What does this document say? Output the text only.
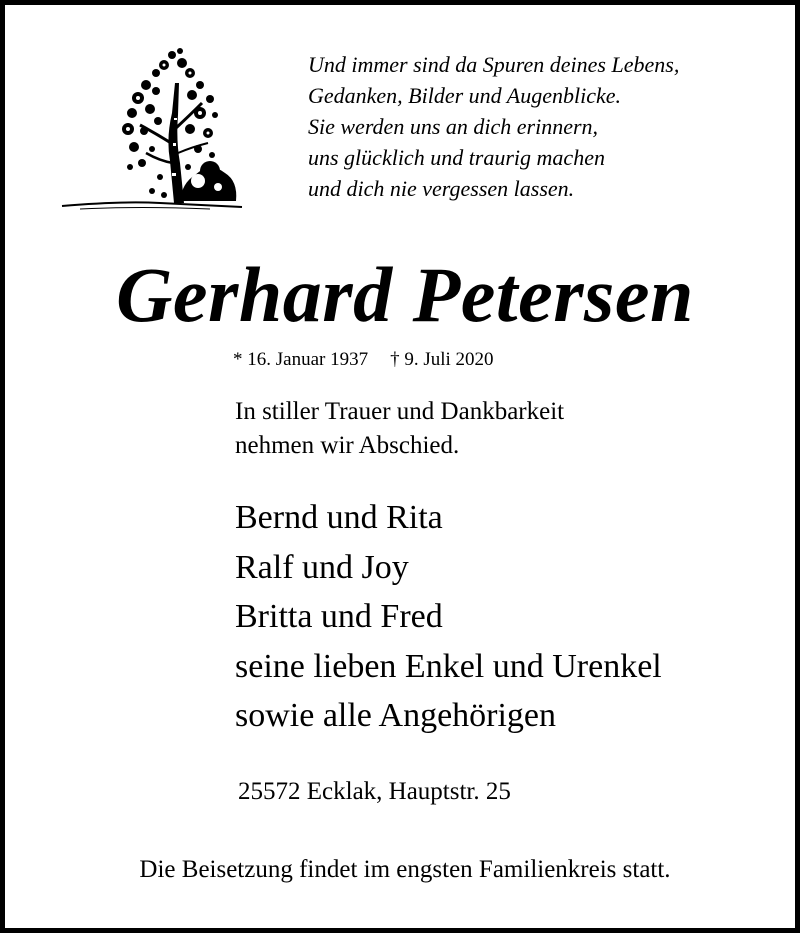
Und immer sind da Spuren deines Lebens,
Gedanken, Bilder und Augenblicke.
Sie werden uns an dich erinnern,
uns glücklich und traurig machen
und dich nie vergessen lassen.
Gerhard Petersen
* 16. Januar 1937 † 9. Juli 2020
In stiller Trauer und Dankbarkeit
nehmen wir Abschied.
Bernd und Rita
Ralf und Joy
Britta und Fred
seine lieben Enkel und Urenkel
sowie alle Angehörigen
25572 Ecklak, Hauptstr. 25
Die Beisetzung findet im engsten Familienkreis statt.
